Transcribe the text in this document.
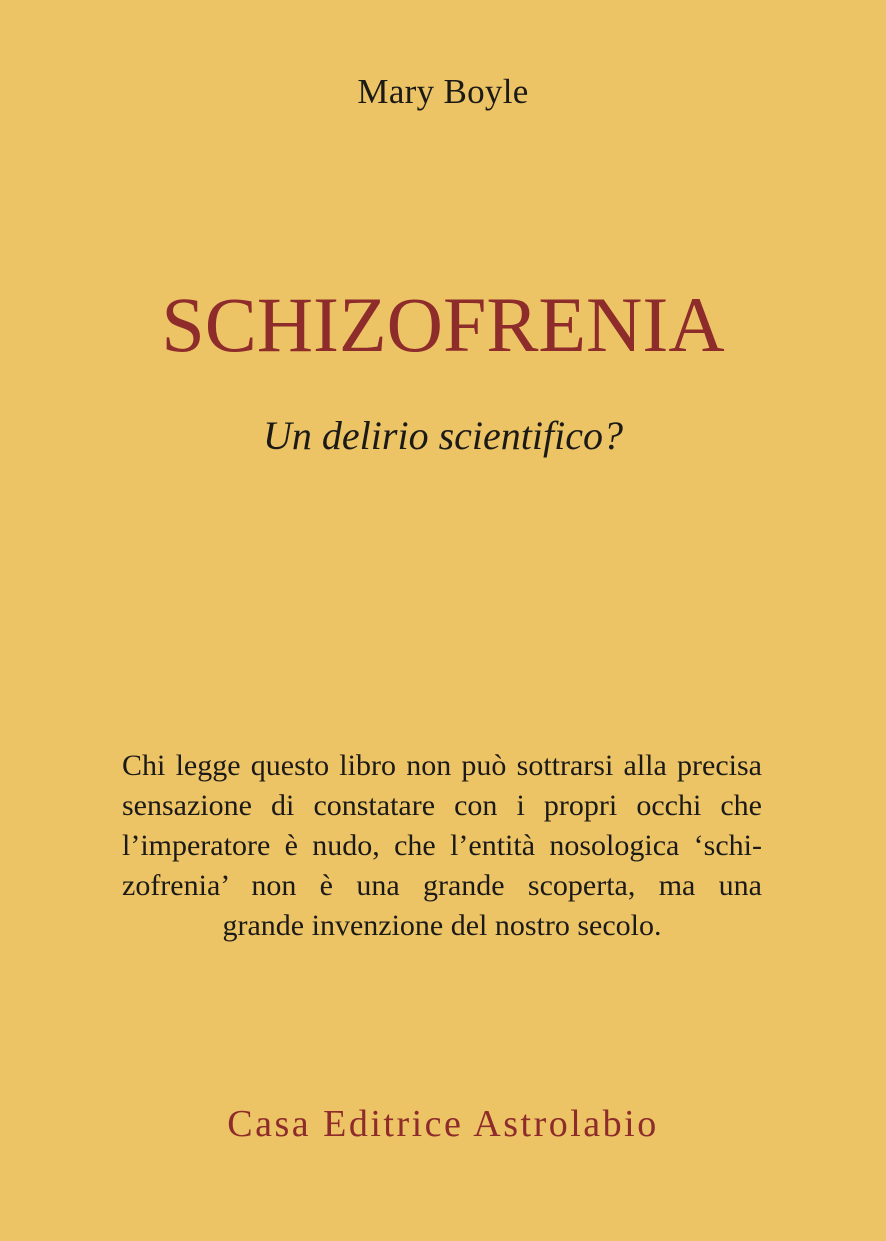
Mary Boyle
SCHIZOFRENIA
Un delirio scientifico?
Chi legge questo libro non può sottrarsi alla precisa
sensazione di constatare con i propri occhi che
l’imperatore è nudo, che l’entità nosologica ‘schi-
zofrenia’ non è una grande scoperta, ma una
grande invenzione del nostro secolo.
Casa Editrice Astrolabio
